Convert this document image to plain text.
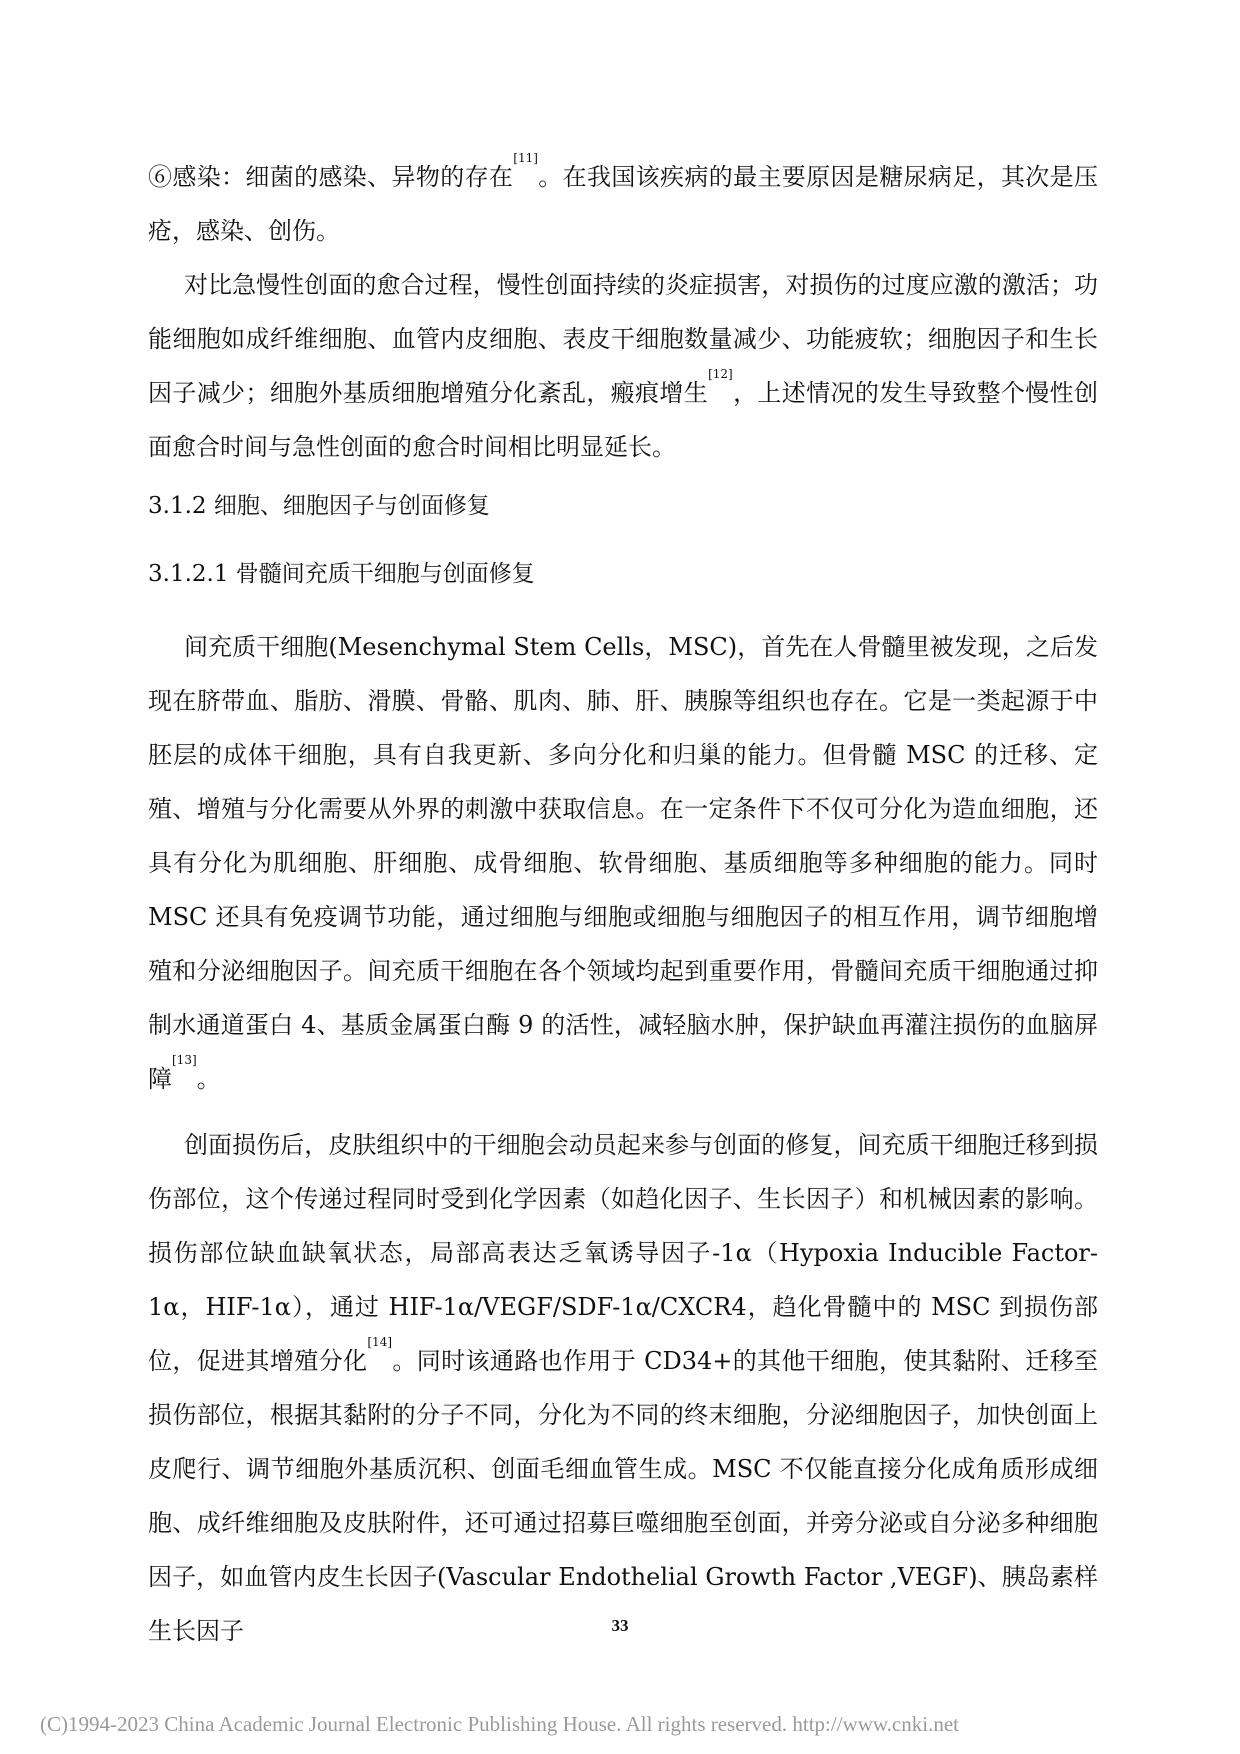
⑥感染：细菌的感染、异物的存在[11]。在我国该疾病的最主要原因是糖尿病足，其次是压疮，感染、创伤。

对比急慢性创面的愈合过程，慢性创面持续的炎症损害，对损伤的过度应激的激活；功能细胞如成纤维细胞、血管内皮细胞、表皮干细胞数量减少、功能疲软；细胞因子和生长因子减少；细胞外基质细胞增殖分化紊乱，瘢痕增生[12]，上述情况的发生导致整个慢性创面愈合时间与急性创面的愈合时间相比明显延长。

3.1.2 细胞、细胞因子与创面修复

3.1.2.1 骨髓间充质干细胞与创面修复

间充质干细胞(Mesenchymal Stem Cells，MSC)，首先在人骨髓里被发现，之后发现在脐带血、脂肪、滑膜、骨骼、肌肉、肺、肝、胰腺等组织也存在。它是一类起源于中胚层的成体干细胞，具有自我更新、多向分化和归巢的能力。但骨髓 MSC 的迁移、定殖、增殖与分化需要从外界的刺激中获取信息。在一定条件下不仅可分化为造血细胞，还具有分化为肌细胞、肝细胞、成骨细胞、软骨细胞、基质细胞等多种细胞的能力。同时 MSC 还具有免疫调节功能，通过细胞与细胞或细胞与细胞因子的相互作用，调节细胞增殖和分泌细胞因子。间充质干细胞在各个领域均起到重要作用，骨髓间充质干细胞通过抑制水通道蛋白 4、基质金属蛋白酶 9 的活性，减轻脑水肿，保护缺血再灌注损伤的血脑屏障[13]。

创面损伤后，皮肤组织中的干细胞会动员起来参与创面的修复，间充质干细胞迁移到损伤部位，这个传递过程同时受到化学因素（如趋化因子、生长因子）和机械因素的影响。损伤部位缺血缺氧状态，局部高表达乏氧诱导因子-1α（Hypoxia Inducible Factor-1α，HIF-1α），通过 HIF-1α/VEGF/SDF-1α/CXCR4，趋化骨髓中的 MSC 到损伤部位，促进其增殖分化[14]。同时该通路也作用于 CD34+的其他干细胞，使其黏附、迁移至损伤部位，根据其黏附的分子不同，分化为不同的终末细胞，分泌细胞因子，加快创面上皮爬行、调节细胞外基质沉积、创面毛细血管生成。MSC 不仅能直接分化成角质形成细胞、成纤维细胞及皮肤附件，还可通过招募巨噬细胞至创面，并旁分泌或自分泌多种细胞因子，如血管内皮生长因子(Vascular Endothelial Growth Factor ,VEGF)、胰岛素样生长因子	33
(C)1994-2023 China Academic Journal Electronic Publishing House. All rights reserved. http://www.cnki.net
